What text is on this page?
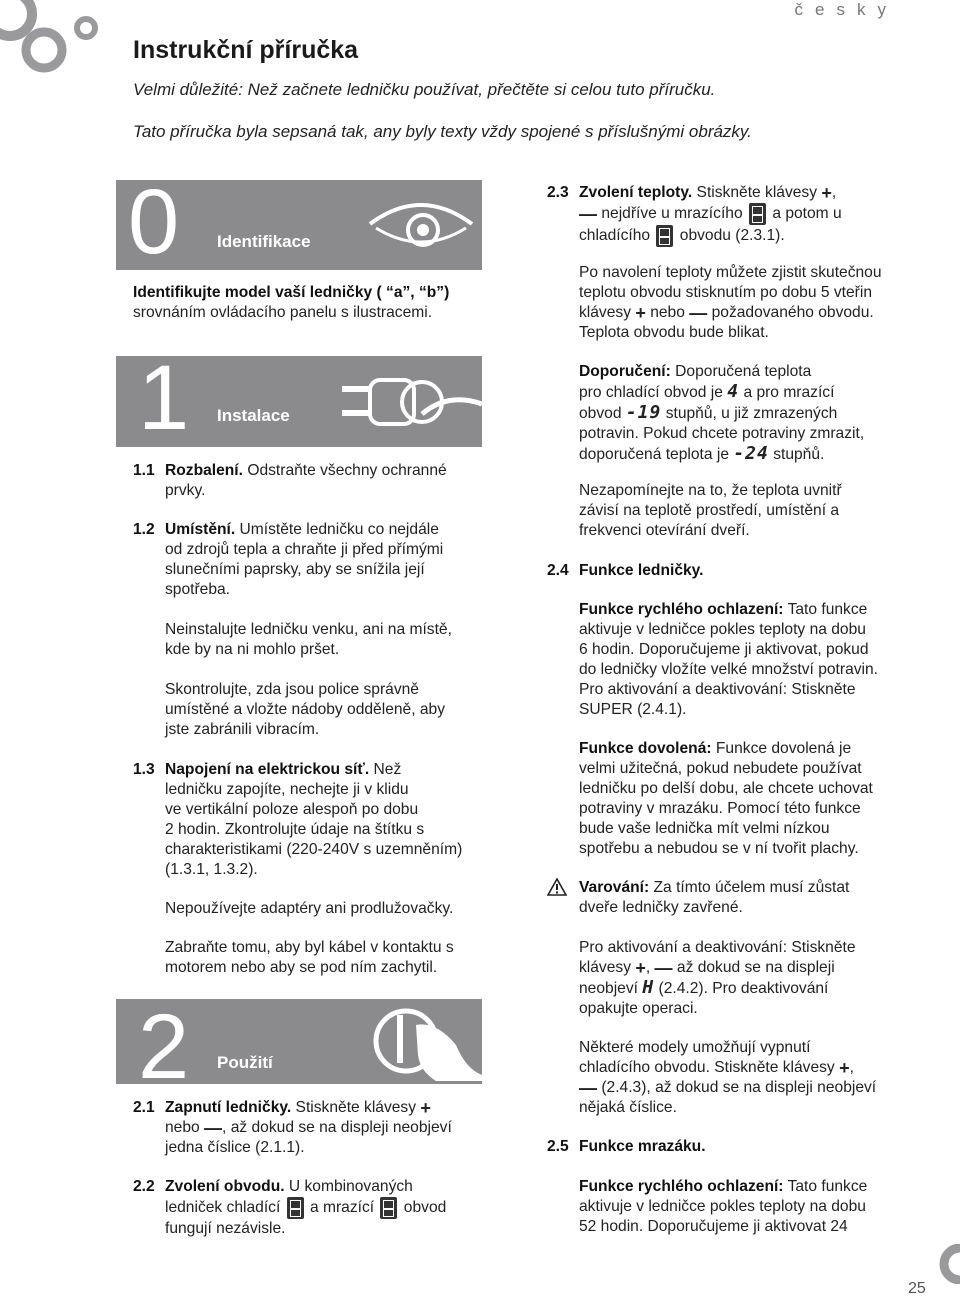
česky
Instrukční příručka
Velmi důležité: Než začnete ledničku používat, přečtěte si celou tuto příručku.
Tato příručka byla sepsaná tak, any byly texty vždy spojené s příslušnými obrázky.
0 Identifikace
Identifikujte model vaší ledničky ( “a”, “b”)
srovnáním ovládacího panelu s ilustracemi.
1 Instalace
1.1 Rozbalení. Odstraňte všechny ochranné
prvky.
1.2 Umístění. Umístěte ledničku co nejdále
od zdrojů tepla a chraňte ji před přímými
slunečními paprsky, aby se snížila její
spotřeba.
Neinstalujte ledničku venku, ani na místě,
kde by na ni mohlo pršet.
Skontrolujte, zda jsou police správně
umístěné a vložte nádoby odděleně, aby
jste zabránili vibracím.
1.3 Napojení na elektrickou síť. Než
ledničku zapojíte, nechejte ji v klidu
ve vertikální poloze alespoň po dobu
2 hodin. Zkontrolujte údaje na štítku s
charakteristikami (220-240V s uzemněním)
(1.3.1, 1.3.2).
Nepoužívejte adaptéry ani prodlužovačky.
Zabraňte tomu, aby byl kábel v kontaktu s
motorem nebo aby se pod ním zachytil.
2 Použití
2.1 Zapnutí ledničky. Stiskněte klávesy +
nebo —, až dokud se na displeji neobjeví
jedna číslice (2.1.1).
2.2 Zvolení obvodu. U kombinovaných
ledniček chladící a mrazící obvod
fungují nezávisle.
2.3 Zvolení teploty. Stiskněte klávesy +,
— nejdříve u mrazícího a potom u
chladícího obvodu (2.3.1).
Po navolení teploty můžete zjistit skutečnou
teplotu obvodu stisknutím po dobu 5 vteřin
klávesy + nebo — požadovaného obvodu.
Teplota obvodu bude blikat.
Doporučení: Doporučená teplota
pro chladící obvod je 4 a pro mrazící
obvod -19 stupňů, u již zmrazených
potravin. Pokud chcete potraviny zmrazit,
doporučená teplota je -24 stupňů.
Nezapomínejte na to, že teplota uvnitř
závisí na teplotě prostředí, umístění a
frekvenci otevírání dveří.
2.4 Funkce ledničky.
Funkce rychlého ochlazení: Tato funkce
aktivuje v ledničce pokles teploty na dobu
6 hodin. Doporučujeme ji aktivovat, pokud
do ledničky vložíte velké množství potravin.
Pro aktivování a deaktivování: Stiskněte
SUPER (2.4.1).
Funkce dovolená: Funkce dovolená je
velmi užitečná, pokud nebudete používat
ledničku po delší dobu, ale chcete uchovat
potraviny v mrazáku. Pomocí této funkce
bude vaše lednička mít velmi nízkou
spotřebu a nebudou se v ní tvořit plachy.
Varování: Za tímto účelem musí zůstat
dveře ledničky zavřené.
Pro aktivování a deaktivování: Stiskněte
klávesy +, — až dokud se na displeji
neobjeví H (2.4.2). Pro deaktivování
opakujte operaci.
Některé modely umožňují vypnutí
chladícího obvodu. Stiskněte klávesy +,
— (2.4.3), až dokud se na displeji neobjeví
nějaká číslice.
2.5 Funkce mrazáku.
Funkce rychlého ochlazení: Tato funkce
aktivuje v ledničce pokles teploty na dobu
52 hodin. Doporučujeme ji aktivovat 24
25
